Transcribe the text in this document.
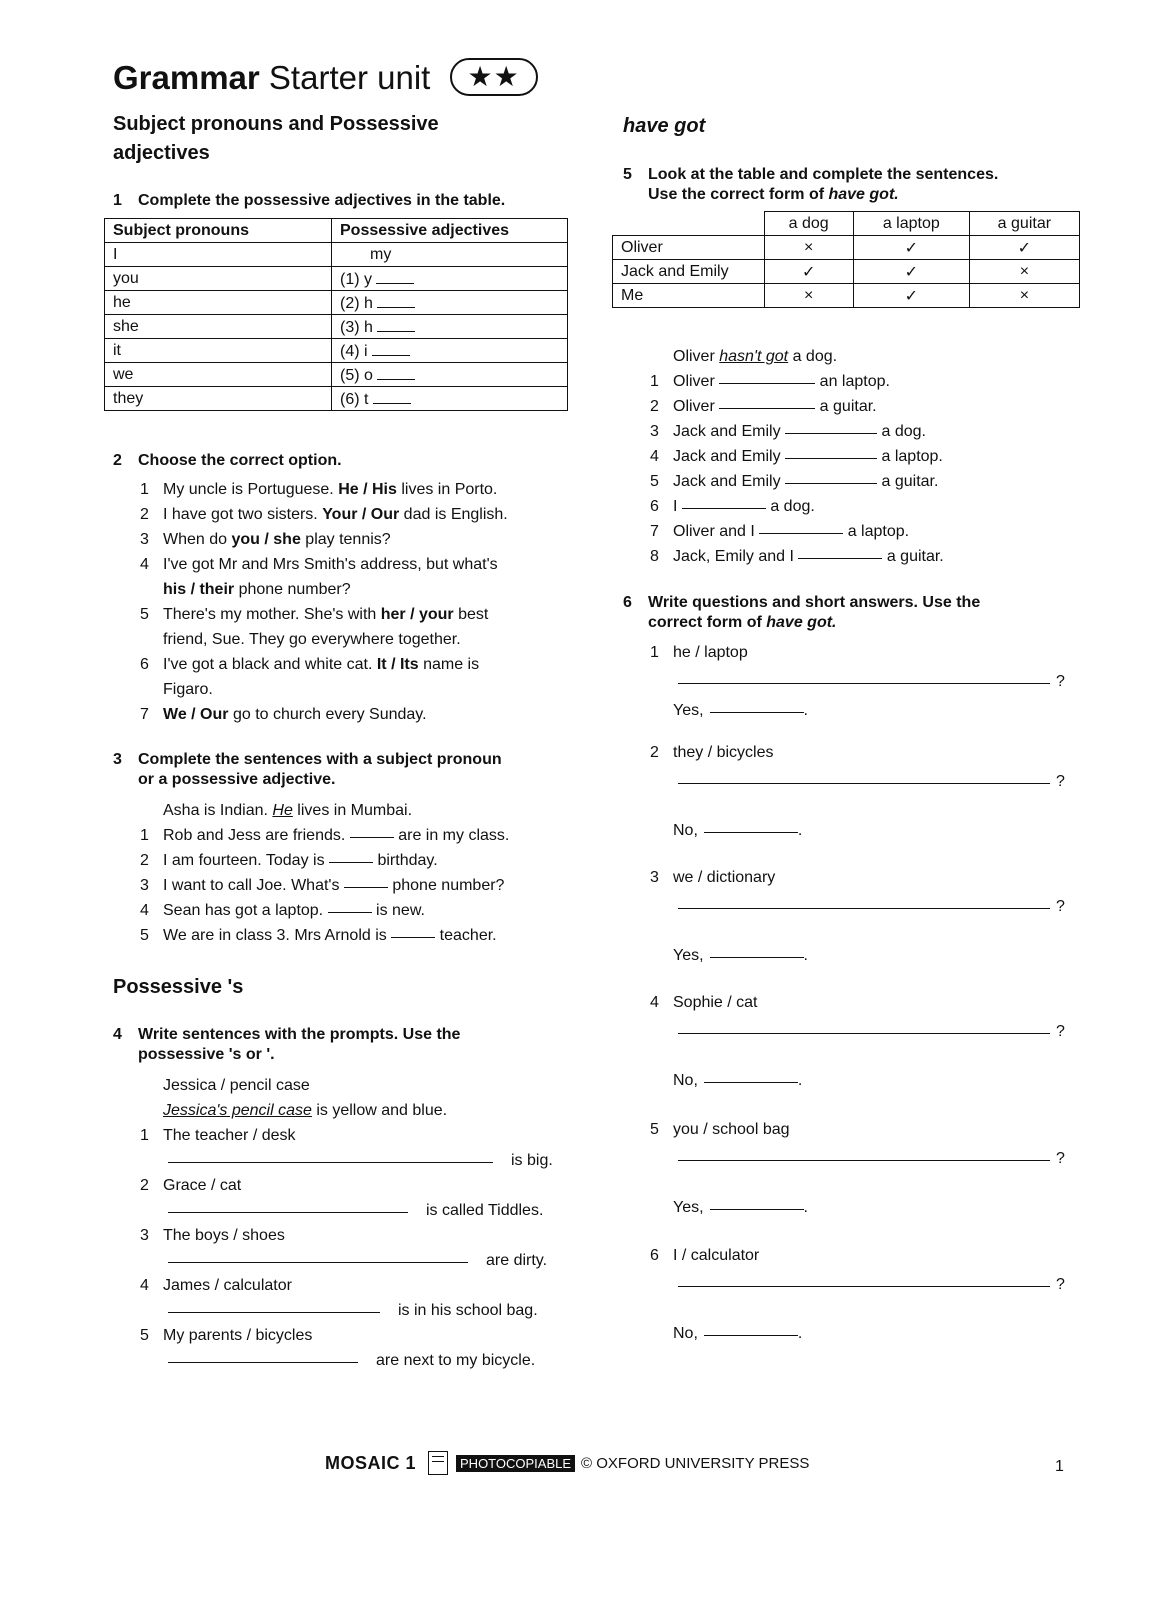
Grammar Starter unit ★★
Subject pronouns and Possessive adjectives
1	Complete the possessive adjectives in the table.
Subject pronouns	Possessive adjectives
I	my
you	(1) y
he	(2) h
she	(3) h
it	(4) i
we	(5) o
they	(6) t
2	Choose the correct option.
1 My uncle is Portuguese. He / His lives in Porto.
2 I have got two sisters. Your / Our dad is English.
3 When do you / she play tennis?
4 I've got Mr and Mrs Smith's address, but what's
his / their phone number?
5 There's my mother. She's with her / your best
friend, Sue. They go everywhere together.
6 I've got a black and white cat. It / Its name is
Figaro.
7 We / Our go to church every Sunday.
3	Complete the sentences with a subject pronoun
or a possessive adjective.
Asha is Indian. He lives in Mumbai.
1 Rob and Jess are friends.	are in my class.
2 I am fourteen. Today is	birthday.
3 I want to call Joe. What's	phone number?
4 Sean has got a laptop.	is new.
5 We are in class 3. Mrs Arnold is	teacher.
Possessive 's
4	Write sentences with the prompts. Use the
possessive 's or '.
Jessica / pencil case
Jessica's pencil case is yellow and blue.
1 The teacher / desk
is big.
2 Grace / cat
is called Tiddles.
3 The boys / shoes
are dirty.
4 James / calculator
is in his school bag.
5 My parents / bicycles
are next to my bicycle.
have got
5	Look at the table and complete the sentences.
Use the correct form of have got.
	a dog	a laptop	a guitar
Oliver	×	✓	✓
Jack and Emily	✓	✓	×
Me	×	✓	×
Oliver hasn't got a dog.
1 Oliver	an laptop.
2 Oliver	a guitar.
3 Jack and Emily	a dog.
4 Jack and Emily	a laptop.
5 Jack and Emily	a guitar.
6 I	a dog.
7 Oliver and I	a laptop.
8 Jack, Emily and I	a guitar.
6	Write questions and short answers. Use the
correct form of have got.
1 he / laptop
?
Yes,	.
2 they / bicycles
?
No,	.
3 we / dictionary
?
Yes,	.
4 Sophie / cat
?
No,	.
5 you / school bag
?
Yes,	.
6 I / calculator
?
No,	.
MOSAIC 1	PHOTOCOPIABLE © OXFORD UNIVERSITY PRESS	1
